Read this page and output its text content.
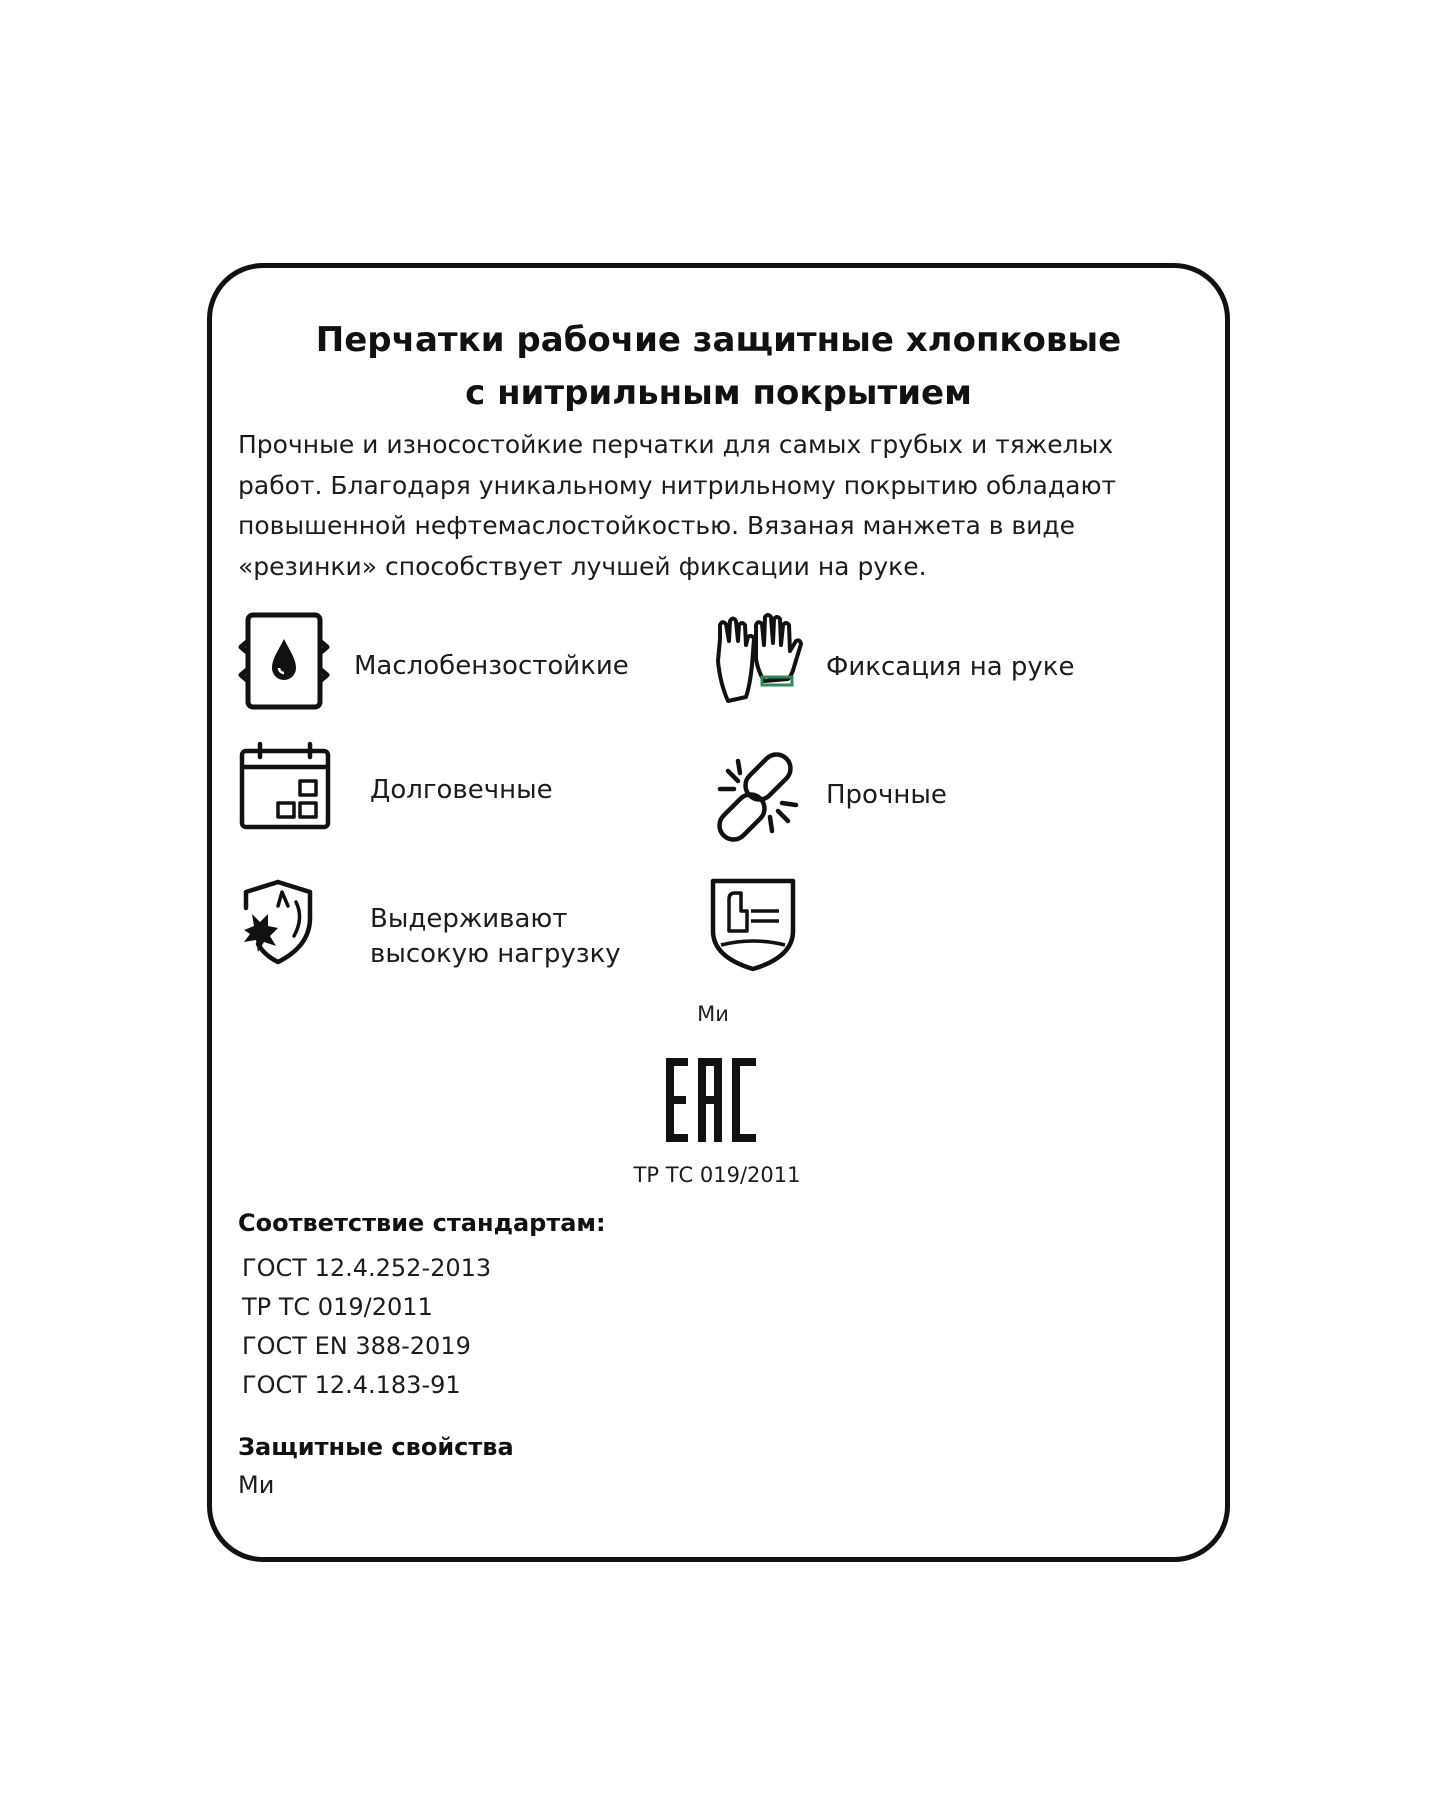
Перчатки рабочие защитные хлопковые
с нитрильным покрытием
Прочные и износостойкие перчатки для самых грубых и тяжелых
работ. Благодаря уникальному нитрильному покрытию обладают
повышенной нефтемаслостойкостью. Вязаная манжета в виде
«резинки» способствует лучшей фиксации на руке.
Маслобензостойкие	Фиксация на руке
Долговечные	Прочные
Выдерживают
высокую нагрузку
Ми
ТР ТС 019/2011
Соответствие стандартам:
ГОСТ 12.4.252-2013
ТР ТС 019/2011
ГОСТ EN 388-2019
ГОСТ 12.4.183-91
Защитные свойства
Ми
